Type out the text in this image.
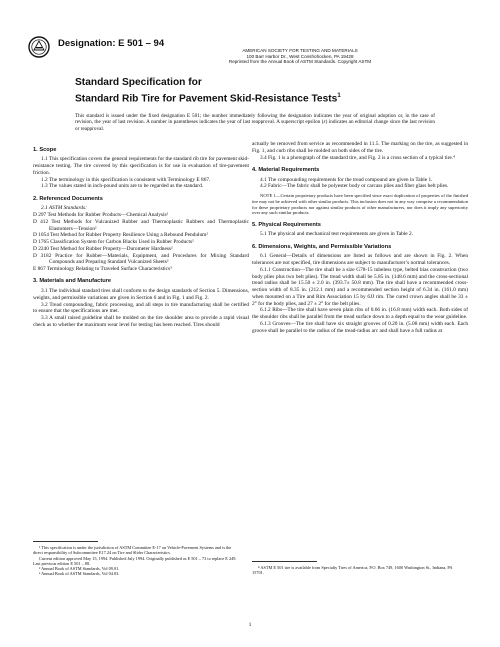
Designation: E 501 – 94
AMERICAN SOCIETY FOR TESTING AND MATERIALS
100 Barr Harbor Dr., West Conshohocken, PA 19428
Reprinted from the Annual Book of ASTM Standards. Copyright ASTM
Standard Specification for
Standard Rib Tire for Pavement Skid-Resistance Tests$^1$
This standard is issued under the fixed designation E 501; the number immediately following the designation indicates the year of original adoption or, in the case of revision, the year of last revision. A number in parentheses indicates the year of last reapproval. A superscript epsilon (ε) indicates an editorial change since the last revision or reapproval.

1. Scope

1.1 This specification covers the general requirements for the standard rib tire for pavement skid-resistance testing. The tire covered by this specification is for use in evaluation of tire-pavement friction.

1.2 The terminology in this specification is consistent with Terminology E 867.

1.3 The values stated in inch-pound units are to be regarded as the standard.

2. Referenced Documents

2.1 ASTM Standards:

D 297 Test Methods for Rubber Products—Chemical Analysis²

D 412 Test Methods for Vulcanized Rubber and Thermoplastic Rubbers and Thermoplastic Elastomers—Tension²

D 1054 Test Method for Rubber Property Resilience Using a Rebound Pendulum²

D 1765 Classification System for Carbon Blacks Used in Rubber Products²

D 2240 Test Method for Rubber Property—Durometer Hardness²

D 3182 Practice for Rubber—Materials, Equipment, and Procedures for Mixing Standard Compounds and Preparing Standard Vulcanized Sheets²

E 867 Terminology Relating to Traveled Surface Characteristics³

3. Materials and Manufacture

3.1 The individual standard tires shall conform to the design standards of Section 5. Dimensions, weights, and permissible variations are given in Section 6 and in Fig. 1 and Fig. 2.

3.2 Tread compounding, fabric processing, and all steps in tire manufacturing shall be certified to ensure that the specifications are met.

3.3 A small raised guideline shall be molded on the tire shoulder area to provide a rapid visual check as to whether the maximum wear level for testing has been reached. Tires should

actually be removed from service as recommended in 11.5. The marking on the tire, as suggested in Fig. 1, and curb ribs shall be molded on both sides of the tire.

3.4 Fig. 1 is a photograph of the standard tire, and Fig. 2 is a cross section of a typical tire.⁴

4. Material Requirements

4.1 The compounding requirements for the tread compound are given in Table 1.

4.2 Fabric—The fabric shall be polyester body or carcass plies and fiber glass belt plies.

NOTE 1—Certain proprietary products have been specified since exact duplication of properties of the finished tire may not be achieved with other similar products. This inclusion does not in any way comprise a recommendation for these proprietary products nor against similar products of other manufacturers, nor does it imply any superiority over any such similar products.

5. Physical Requirements

5.1 The physical and mechanical test requirements are given in Table 2.

6. Dimensions, Weights, and Permissible Variations

6.1 General—Details of dimensions are listed as follows and are shown in Fig. 2. When tolerances are not specified, tire dimensions are subject to manufacturer’s normal tolerances.

6.1.1 Construction—The tire shall be a size G78-15 tubeless type, belted bias construction (two body plies plus two belt plies). The tread width shall be 5.85 in. (148.6 mm) and the cross-sectional tread radius shall be 15.50 ± 2.0 in. (393.7± 50.8 mm). The tire shall have a recommended cross-section width of 8.35 in. (212.1 mm) and a recommended section height of 6.34 in. (161.0 mm) when mounted on a Tire and Rim Association 15 by 6JJ rim. The cured crown angles shall be 33 ± 2° for the body plies, and 27 ± 2° for the belt plies.

6.1.2 Ribs—The tire shall have seven plain ribs of 0.66 in. (16.8 mm) width each. Both sides of the shoulder ribs shall be parallel from the tread surface down to a depth equal to the wear guideline.

6.1.3 Grooves—The tire shall have six straight grooves of 0.20 in. (5.08 mm) width each. Each groove shall be parallel to the radius of the tread-radius arc and shall have a full radius at

¹ This specification is under the jurisdiction of ASTM Committee E-17 on Vehicle-Pavement Systems and is the direct responsibility of Subcommittee E17.24 on Tire and Slider Characteristics.

Current edition approved May 15, 1994. Published July 1994. Originally published as E 501 – 73 to replace E 249. Last previous edition E 501 – 88.

² Annual Book of ASTM Standards, Vol 09.01.

³ Annual Book of ASTM Standards, Vol 04.03.

⁴ ASTM E 501 tire is available from Specialty Tires of America, P.O. Box 749, 1600 Washington St., Indiana, PA 15701.

1
